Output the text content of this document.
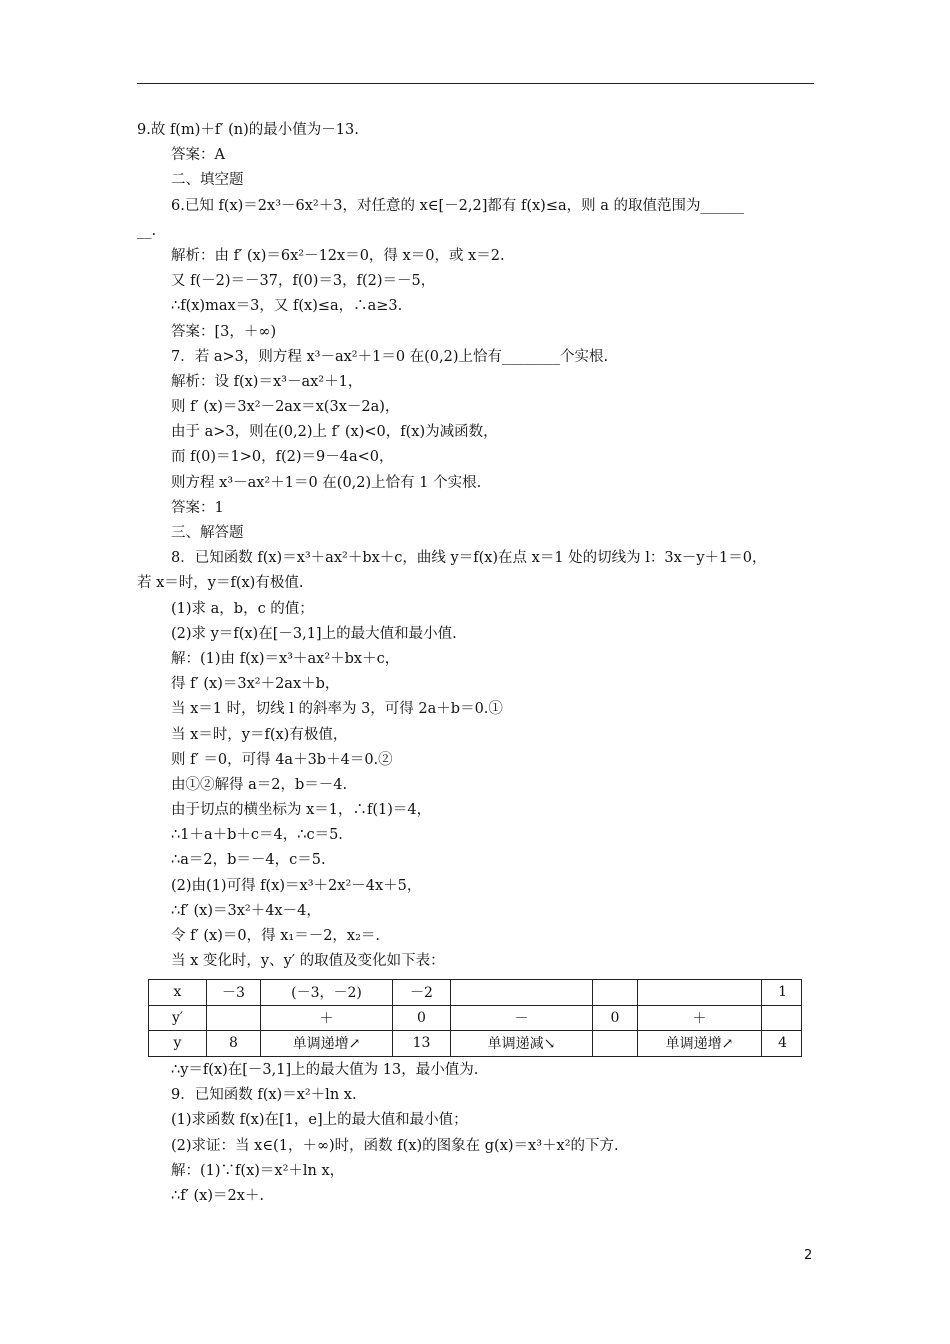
9.故 f(m)＋f′ (n)的最小值为－13.
答案：A
二、填空题
6.已知 f(x)＝2x³－6x²＋3，对任意的 x∈[－2,2]都有 f(x)≤a，则 a 的取值范围为______
__.
解析：由 f′ (x)＝6x²－12x＝0，得 x＝0，或 x＝2.
又 f(－2)＝－37，f(0)＝3，f(2)＝－5，
∴f(x)max＝3，又 f(x)≤a，∴a≥3.
答案：[3，＋∞)
7．若 a>3，则方程 x³－ax²＋1＝0 在(0,2)上恰有________个实根.
解析：设 f(x)＝x³－ax²＋1，
则 f′ (x)＝3x²－2ax＝x(3x－2a)，
由于 a>3，则在(0,2)上 f′ (x)<0，f(x)为减函数，
而 f(0)＝1>0，f(2)＝9－4a<0，
则方程 x³－ax²＋1＝0 在(0,2)上恰有 1 个实根.
答案：1
三、解答题
8．已知函数 f(x)＝x³＋ax²＋bx＋c，曲线 y＝f(x)在点 x＝1 处的切线为 l：3x－y＋1＝0，
若 x＝时，y＝f(x)有极值.
(1)求 a，b，c 的值；
(2)求 y＝f(x)在[－3,1]上的最大值和最小值.
解：(1)由 f(x)＝x³＋ax²＋bx＋c，
得 f′ (x)＝3x²＋2ax＋b，
当 x＝1 时，切线 l 的斜率为 3，可得 2a＋b＝0.①
当 x＝时，y＝f(x)有极值，
则 f′ ＝0，可得 4a＋3b＋4＝0.②
由①②解得 a＝2，b＝－4.
由于切点的横坐标为 x＝1，∴f(1)＝4，
∴1＋a＋b＋c＝4，∴c＝5.
∴a＝2，b＝－4，c＝5.
(2)由(1)可得 f(x)＝x³＋2x²－4x＋5，
∴f′ (x)＝3x²＋4x－4，
令 f′ (x)＝0，得 x₁＝－2，x₂＝.
当 x 变化时，y、y′ 的取值及变化如下表：
x	－3	(－3，－2)	－2				1
y′		＋	0	－	0	＋	
y	8	单调递增↗	13	单调递减↘		单调递增↗	4
∴y＝f(x)在[－3,1]上的最大值为 13，最小值为.
9．已知函数 f(x)＝x²＋ln x.
(1)求函数 f(x)在[1，e]上的最大值和最小值；
(2)求证：当 x∈(1，＋∞)时，函数 f(x)的图象在 g(x)＝x³＋x²的下方.
解：(1)∵f(x)＝x²＋ln x，
∴f′ (x)＝2x＋.
2
